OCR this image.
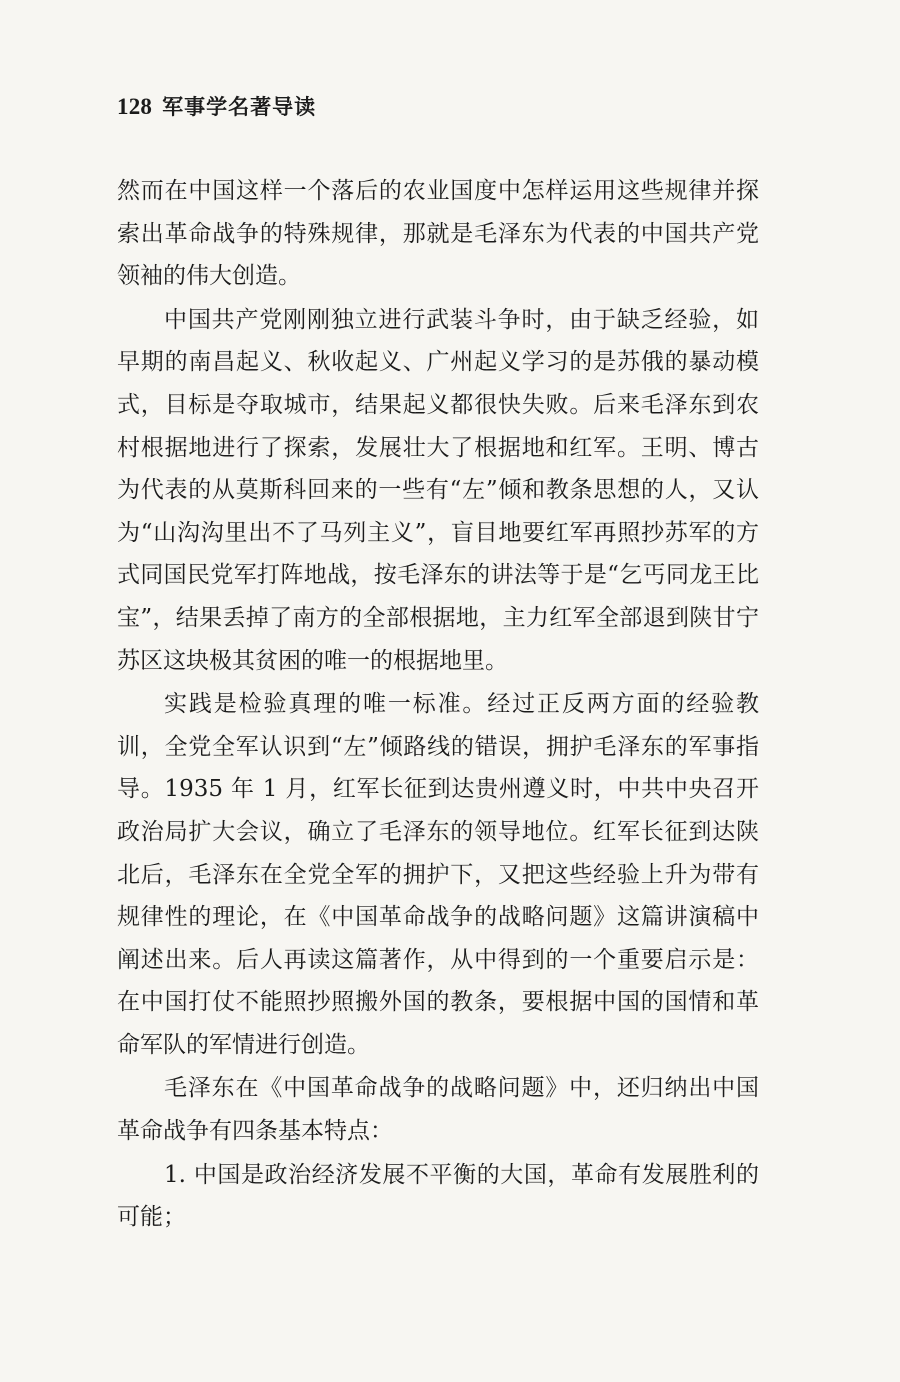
128 军事学名著导读

然而在中国这样一个落后的农业国度中怎样运用这些规律并探索出革命战争的特殊规律，那就是毛泽东为代表的中国共产党领袖的伟大创造。

中国共产党刚刚独立进行武装斗争时，由于缺乏经验，如早期的南昌起义、秋收起义、广州起义学习的是苏俄的暴动模式，目标是夺取城市，结果起义都很快失败。后来毛泽东到农村根据地进行了探索，发展壮大了根据地和红军。王明、博古为代表的从莫斯科回来的一些有“左”倾和教条思想的人，又认为“山沟沟里出不了马列主义”，盲目地要红军再照抄苏军的方式同国民党军打阵地战，按毛泽东的讲法等于是“乞丐同龙王比宝”，结果丢掉了南方的全部根据地，主力红军全部退到陕甘宁苏区这块极其贫困的唯一的根据地里。

实践是检验真理的唯一标准。经过正反两方面的经验教训，全党全军认识到“左”倾路线的错误，拥护毛泽东的军事指导。1935 年 1 月，红军长征到达贵州遵义时，中共中央召开政治局扩大会议，确立了毛泽东的领导地位。红军长征到达陕北后，毛泽东在全党全军的拥护下，又把这些经验上升为带有规律性的理论，在《中国革命战争的战略问题》这篇讲演稿中阐述出来。后人再读这篇著作，从中得到的一个重要启示是：在中国打仗不能照抄照搬外国的教条，要根据中国的国情和革命军队的军情进行创造。

毛泽东在《中国革命战争的战略问题》中，还归纳出中国革命战争有四条基本特点：

1. 中国是政治经济发展不平衡的大国，革命有发展胜利的可能；
